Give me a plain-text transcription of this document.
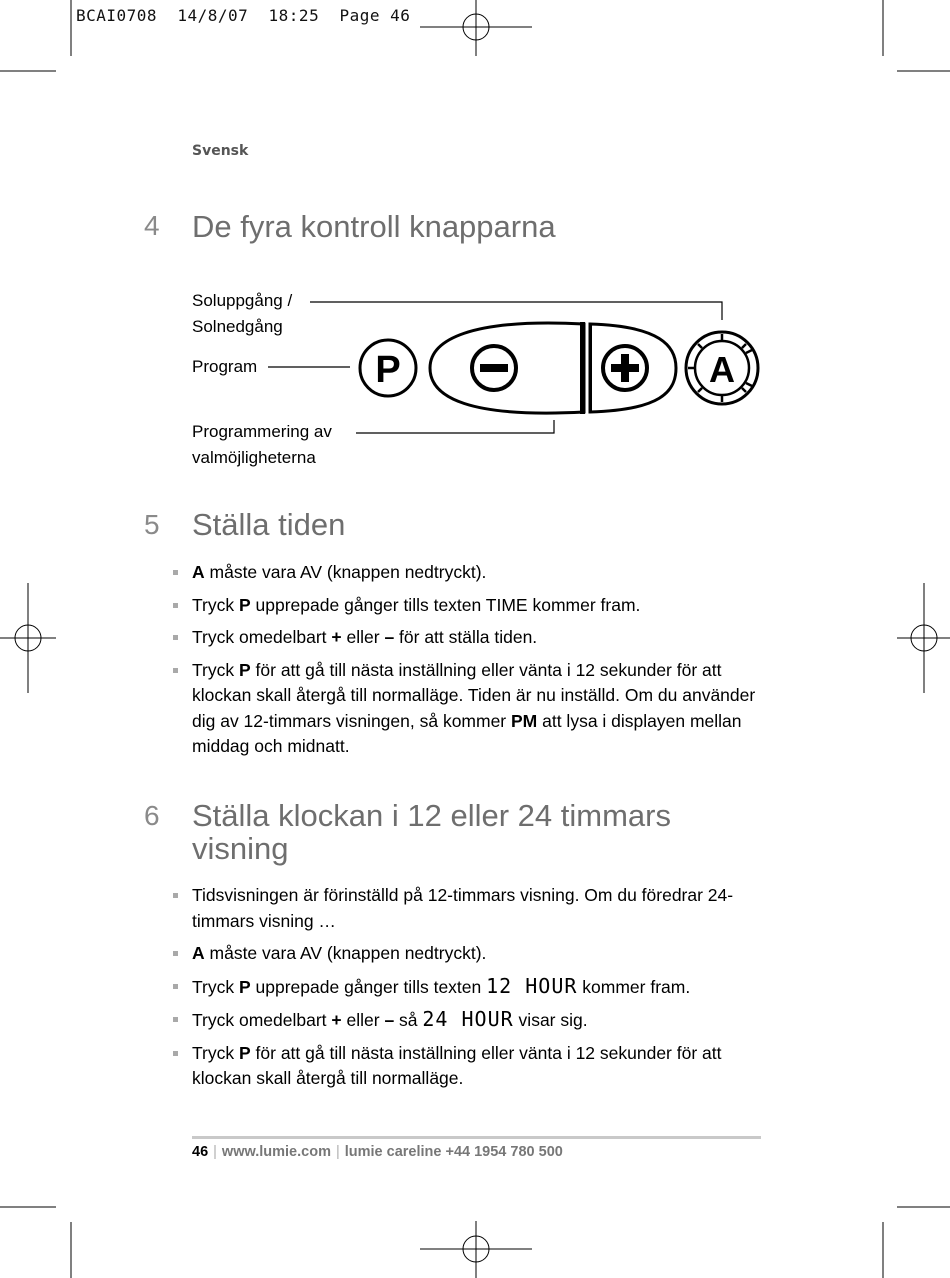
BCAI0708 14/8/07 18:25 Page 46
Svensk
4 De fyra kontroll knapparna
Soluppgång /
Solnedgång
Program
Programmering av
valmöjligheterna
P	A
5 Ställa tiden
A måste vara AV (knappen nedtryckt).
Tryck P upprepade gånger tills texten TIME kommer fram.
Tryck omedelbart + eller – för att ställa tiden.
Tryck P för att gå till nästa inställning eller vänta i 12 sekunder för att klockan skall återgå till normalläge. Tiden är nu inställd. Om du använder dig av 12-timmars visningen, så kommer PM att lysa i displayen mellan middag och midnatt.
6 Ställa klockan i 12 eller 24 timmars visning
Tidsvisningen är förinställd på 12-timmars visning. Om du föredrar 24-timmars visning …
A måste vara AV (knappen nedtryckt).
Tryck P upprepade gånger tills texten 12 HOUR kommer fram.
Tryck omedelbart + eller – så 24 HOUR visar sig.
Tryck P för att gå till nästa inställning eller vänta i 12 sekunder för att klockan skall återgå till normalläge.
46 | www.lumie.com | lumie careline +44 1954 780 500
